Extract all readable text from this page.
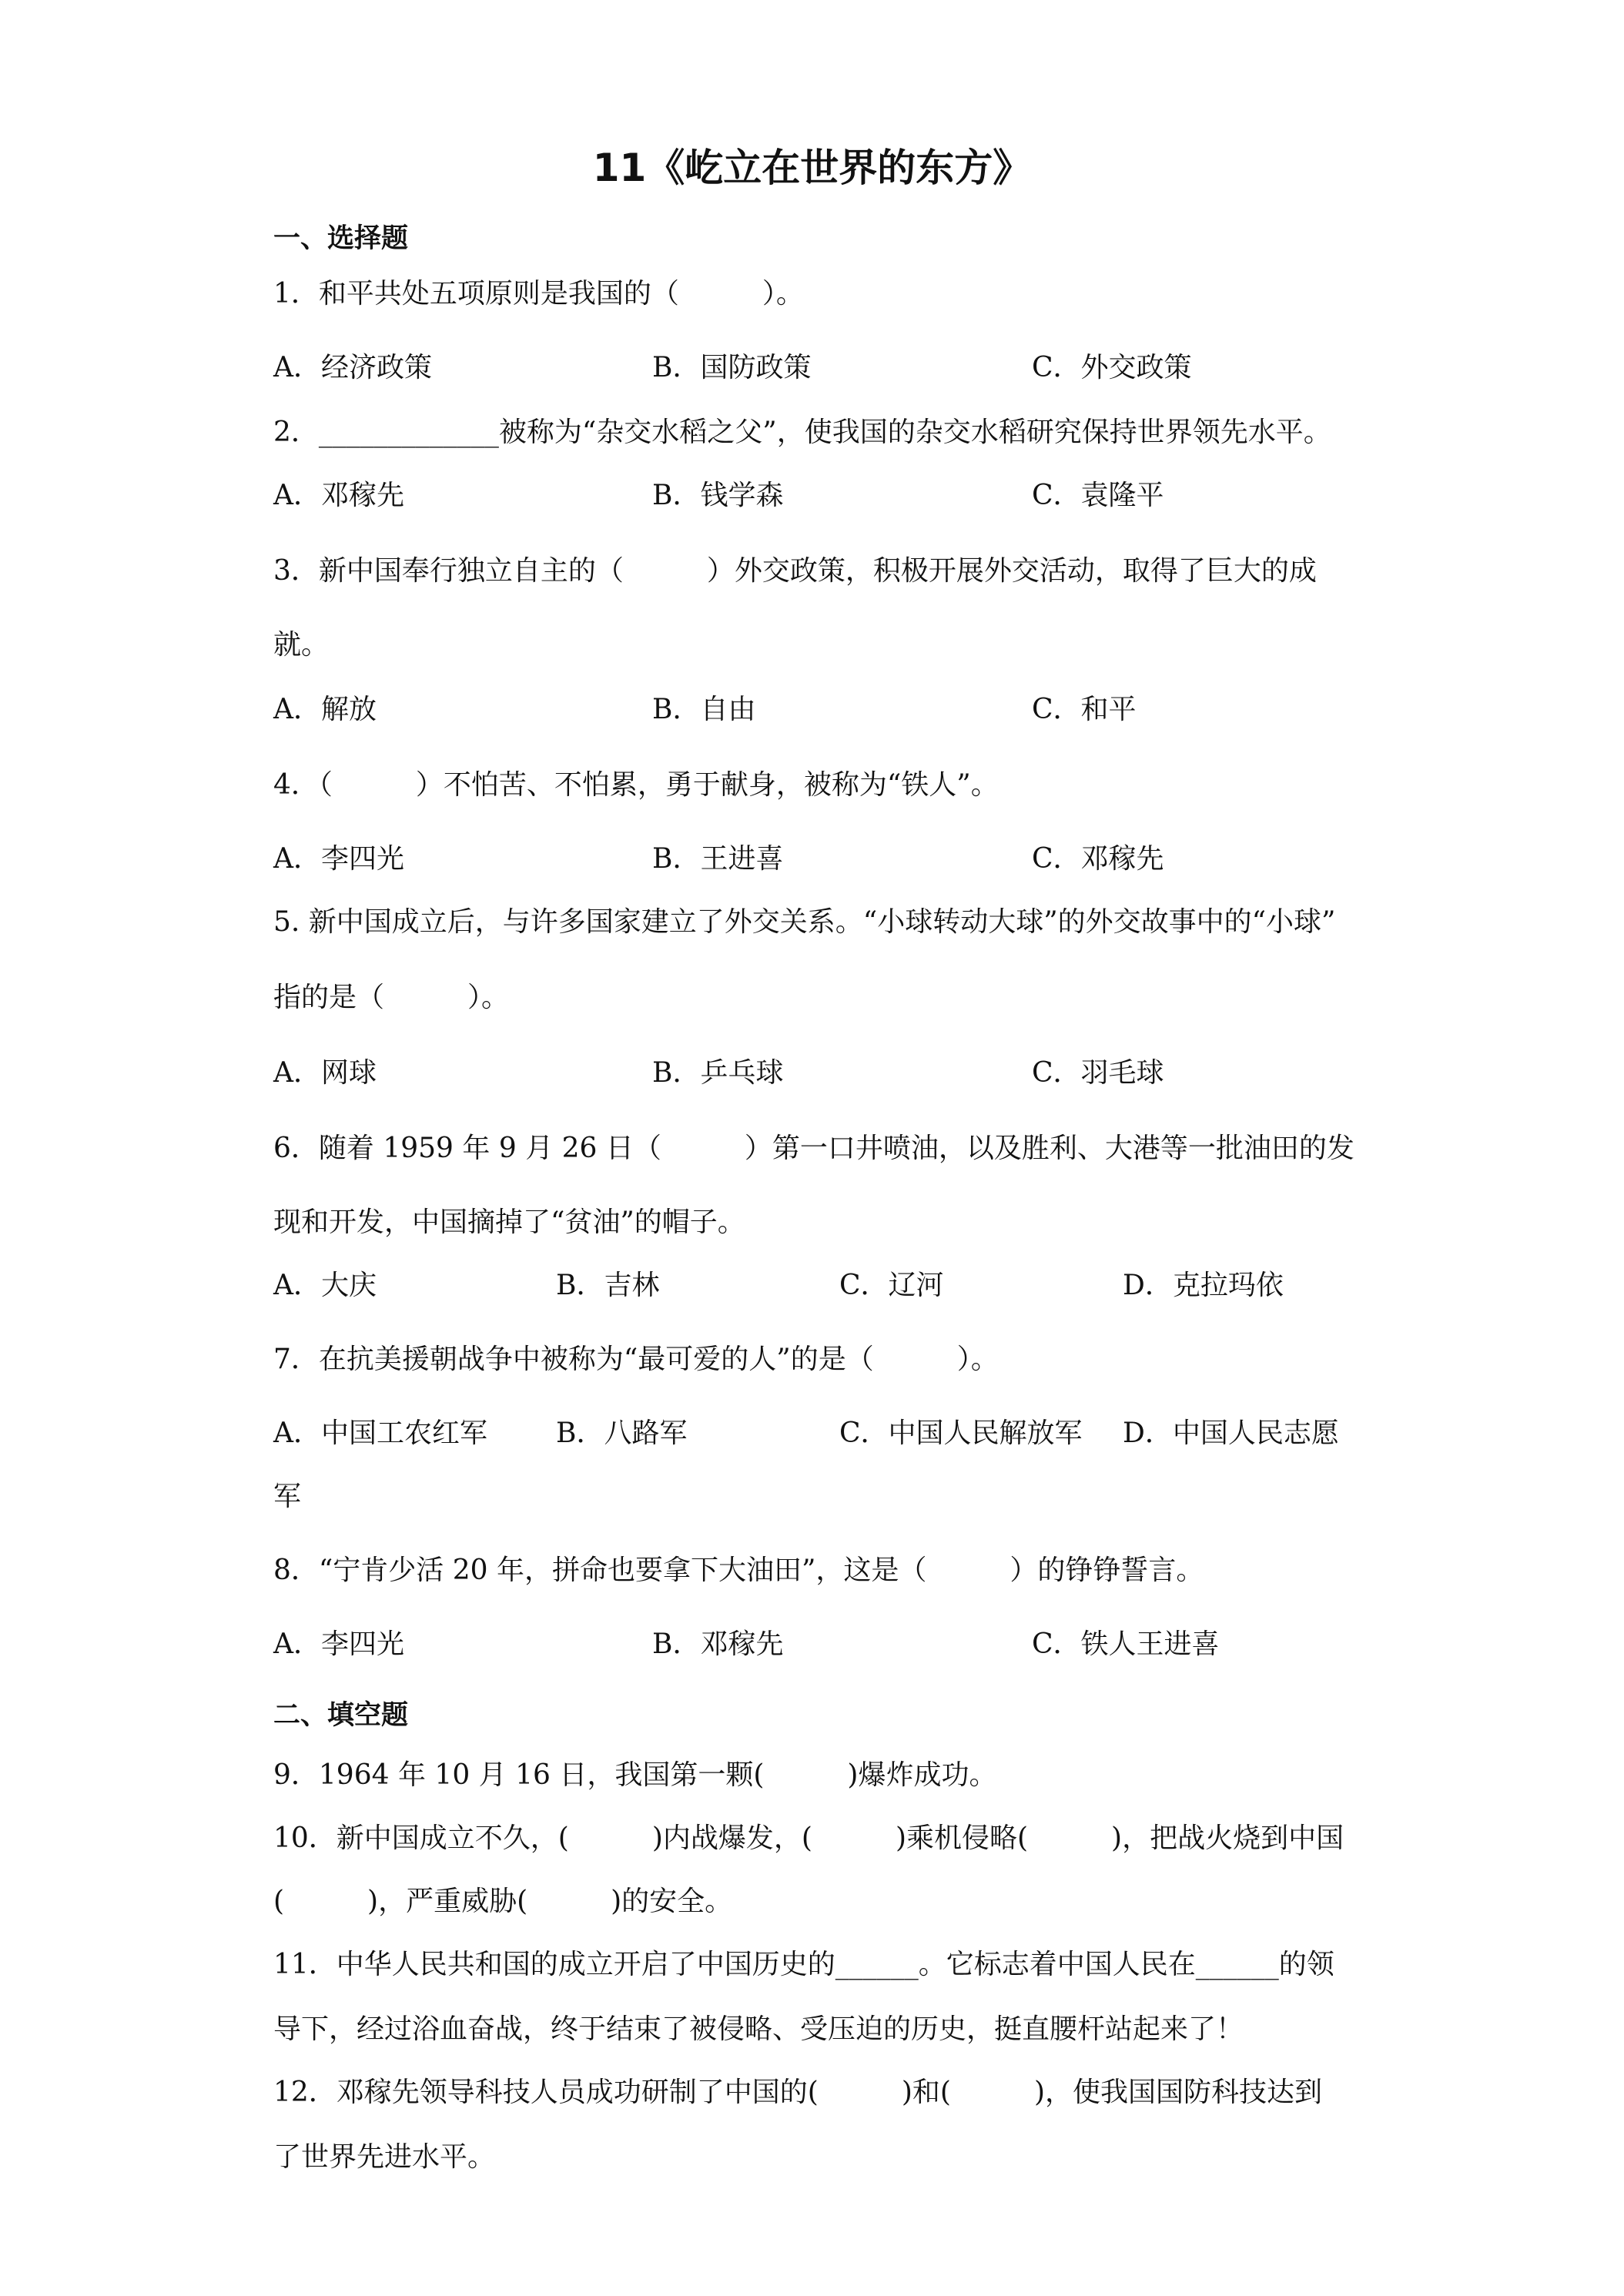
11《屹立在世界的东方》
一、选择题
1．和平共处五项原则是我国的（　　　）。
A．经济政策	B．国防政策	C．外交政策
2．_____________被称为“杂交水稻之父”，使我国的杂交水稻研究保持世界领先水平。
A．邓稼先	B．钱学森	C．袁隆平
3．新中国奉行独立自主的（　　　）外交政策，积极开展外交活动，取得了巨大的成
就。
A．解放	B．自由	C．和平
4．（　　　）不怕苦、不怕累，勇于献身，被称为“铁人”。
A．李四光	B．王进喜	C．邓稼先
5. 新中国成立后，与许多国家建立了外交关系。“小球转动大球”的外交故事中的“小球”
指的是（　　　）。
A．网球	B．乒乓球	C．羽毛球
6．随着 1959 年 9 月 26 日（　　　）第一口井喷油，以及胜利、大港等一批油田的发
现和开发，中国摘掉了“贫油”的帽子。
A．大庆	B．吉林	C．辽河	D．克拉玛依
7．在抗美援朝战争中被称为“最可爱的人”的是（　　　）。
A．中国工农红军 B．八路军	C．中国人民解放军 D．中国人民志愿
军
8．“宁肯少活 20 年，拼命也要拿下大油田”，这是（　　　）的铮铮誓言。
A．李四光	B．邓稼先	C．铁人王进喜
二、填空题
9．1964 年 10 月 16 日，我国第一颗(　　　)爆炸成功。
10．新中国成立不久，(　　　)内战爆发，(　　　)乘机侵略(　　　)，把战火烧到中国
(　　　)，严重威胁(　　　)的安全。
11．中华人民共和国的成立开启了中国历史的______。它标志着中国人民在______的领
导下，经过浴血奋战，终于结束了被侵略、受压迫的历史，挺直腰杆站起来了！
12．邓稼先领导科技人员成功研制了中国的(　　　)和(　　　)，使我国国防科技达到
了世界先进水平。
